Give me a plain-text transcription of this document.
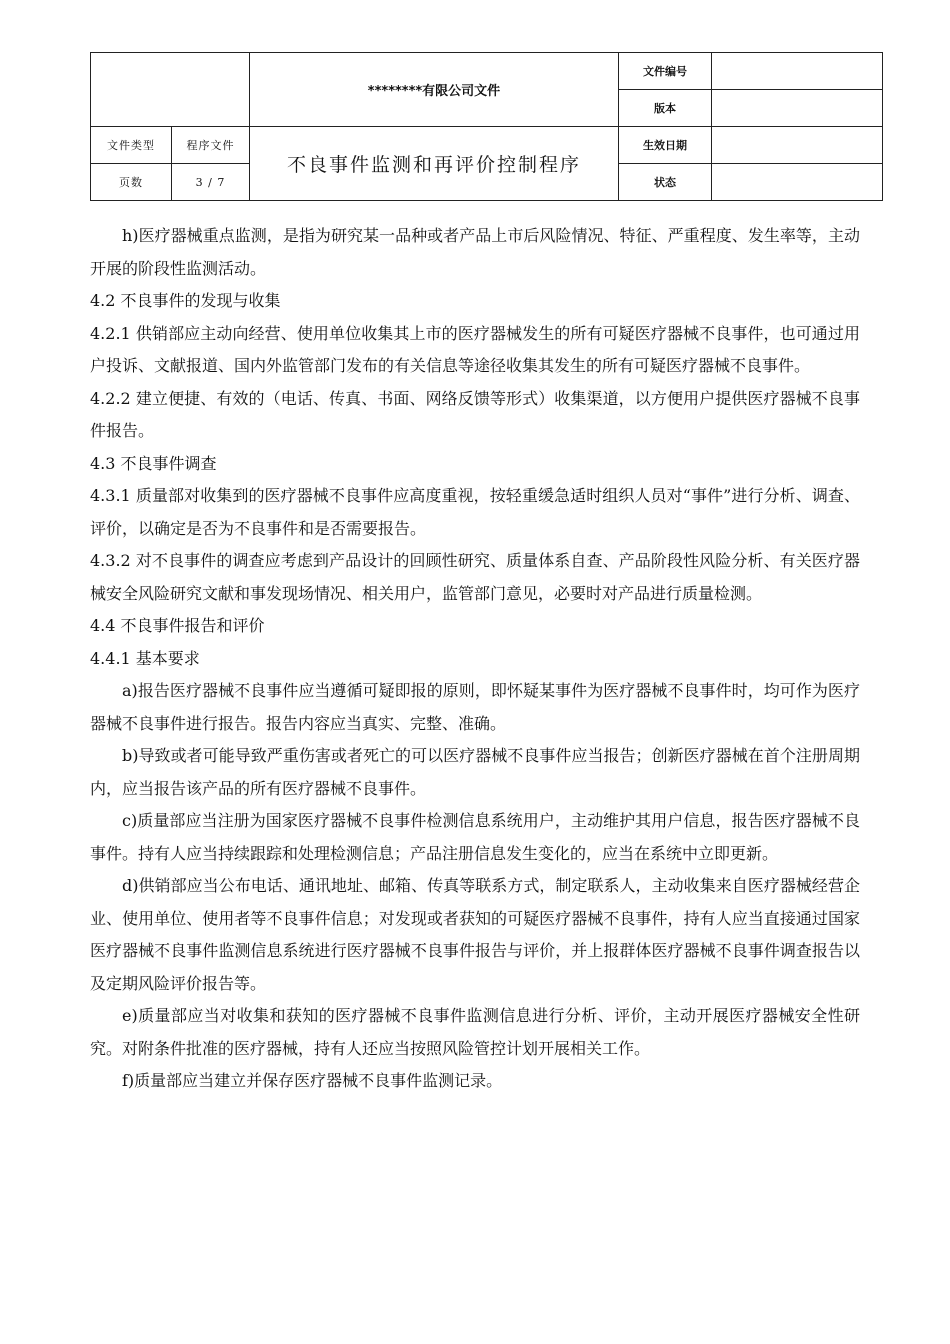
		********有限公司文件	文件编号	
			版本	
文件类型	程序文件	不良事件监测和再评价控制程序	生效日期	
页数	3 / 7		状态	

h)医疗器械重点监测，是指为研究某一品种或者产品上市后风险情况、特征、严重程度、发生率等，主动开展的阶段性监测活动。

4.2 不良事件的发现与收集

4.2.1 供销部应主动向经营、使用单位收集其上市的医疗器械发生的所有可疑医疗器械不良事件，也可通过用户投诉、文献报道、国内外监管部门发布的有关信息等途径收集其发生的所有可疑医疗器械不良事件。

4.2.2 建立便捷、有效的（电话、传真、书面、网络反馈等形式）收集渠道，以方便用户提供医疗器械不良事件报告。

4.3 不良事件调查

4.3.1 质量部对收集到的医疗器械不良事件应高度重视，按轻重缓急适时组织人员对“事件”进行分析、调查、评价，以确定是否为不良事件和是否需要报告。

4.3.2 对不良事件的调查应考虑到产品设计的回顾性研究、质量体系自查、产品阶段性风险分析、有关医疗器械安全风险研究文献和事发现场情况、相关用户，监管部门意见，必要时对产品进行质量检测。

4.4 不良事件报告和评价

4.4.1 基本要求

a)报告医疗器械不良事件应当遵循可疑即报的原则，即怀疑某事件为医疗器械不良事件时，均可作为医疗器械不良事件进行报告。报告内容应当真实、完整、准确。

b)导致或者可能导致严重伤害或者死亡的可以医疗器械不良事件应当报告；创新医疗器械在首个注册周期内，应当报告该产品的所有医疗器械不良事件。

c)质量部应当注册为国家医疗器械不良事件检测信息系统用户，主动维护其用户信息，报告医疗器械不良事件。持有人应当持续跟踪和处理检测信息；产品注册信息发生变化的，应当在系统中立即更新。

d)供销部应当公布电话、通讯地址、邮箱、传真等联系方式，制定联系人，主动收集来自医疗器械经营企业、使用单位、使用者等不良事件信息；对发现或者获知的可疑医疗器械不良事件，持有人应当直接通过国家医疗器械不良事件监测信息系统进行医疗器械不良事件报告与评价，并上报群体医疗器械不良事件调查报告以及定期风险评价报告等。

e)质量部应当对收集和获知的医疗器械不良事件监测信息进行分析、评价，主动开展医疗器械安全性研究。对附条件批准的医疗器械，持有人还应当按照风险管控计划开展相关工作。

f)质量部应当建立并保存医疗器械不良事件监测记录。
